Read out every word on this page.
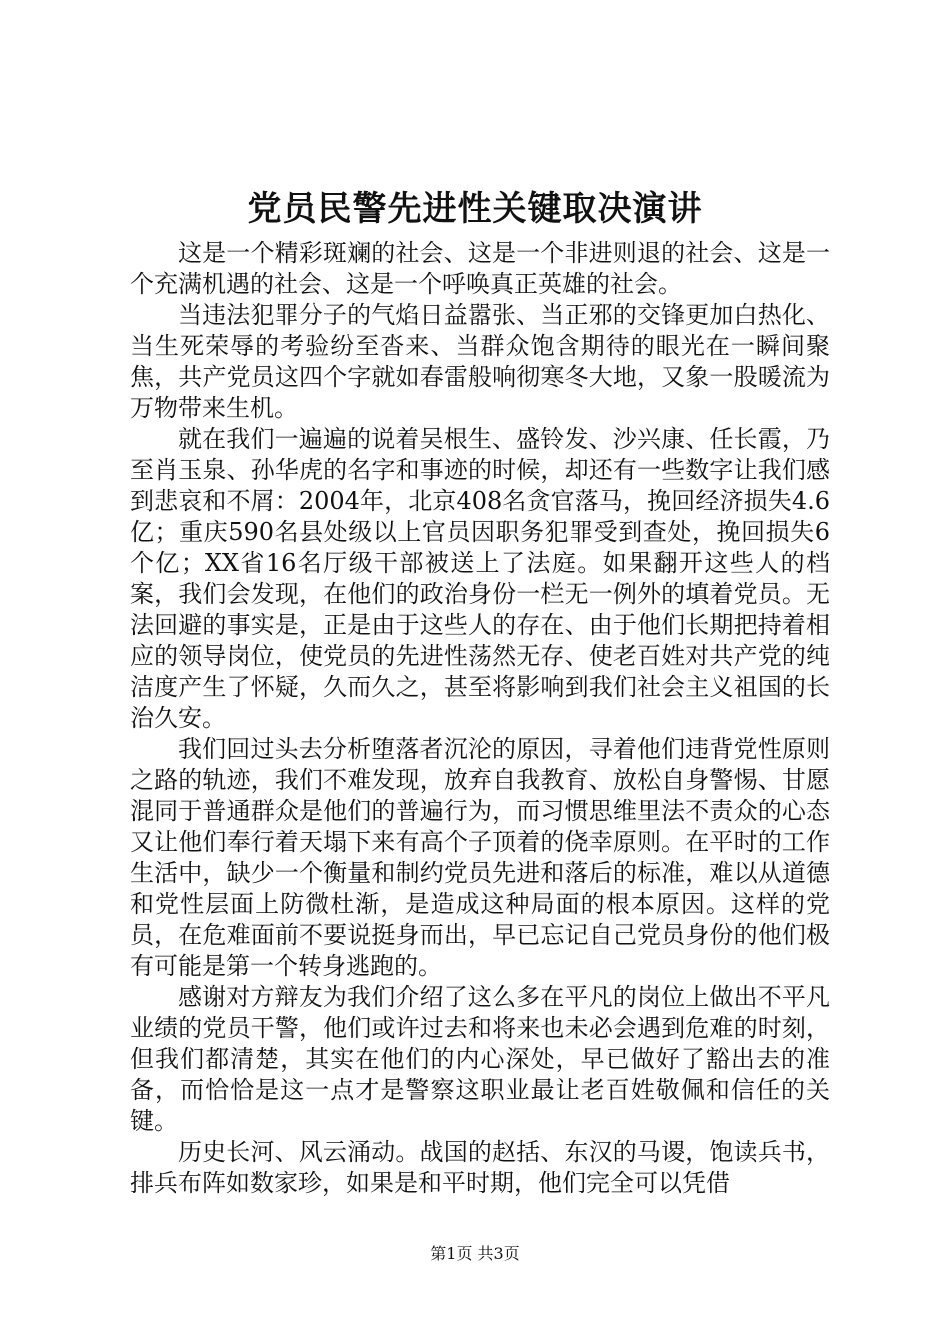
党员民警先进性关键取决演讲

这是一个精彩斑斓的社会、这是一个非进则退的社会、这是一个充满机遇的社会、这是一个呼唤真正英雄的社会。

当违法犯罪分子的气焰日益嚣张、当正邪的交锋更加白热化、当生死荣辱的考验纷至沓来、当群众饱含期待的眼光在一瞬间聚焦，共产党员这四个字就如春雷般响彻寒冬大地，又象一股暖流为万物带来生机。

就在我们一遍遍的说着吴根生、盛铃发、沙兴康、任长霞，乃至肖玉泉、孙华虎的名字和事迹的时候，却还有一些数字让我们感到悲哀和不屑：2004年，北京408名贪官落马，挽回经济损失4.6亿；重庆590名县处级以上官员因职务犯罪受到查处，挽回损失6个亿；XX省16名厅级干部被送上了法庭。如果翻开这些人的档案，我们会发现，在他们的政治身份一栏无一例外的填着党员。无法回避的事实是，正是由于这些人的存在、由于他们长期把持着相应的领导岗位，使党员的先进性荡然无存、使老百姓对共产党的纯洁度产生了怀疑，久而久之，甚至将影响到我们社会主义祖国的长治久安。

我们回过头去分析堕落者沉沦的原因，寻着他们违背党性原则之路的轨迹，我们不难发现，放弃自我教育、放松自身警惕、甘愿混同于普通群众是他们的普遍行为，而习惯思维里法不责众的心态又让他们奉行着天塌下来有高个子顶着的侥幸原则。在平时的工作生活中，缺少一个衡量和制约党员先进和落后的标准，难以从道德和党性层面上防微杜渐，是造成这种局面的根本原因。这样的党员，在危难面前不要说挺身而出，早已忘记自己党员身份的他们极有可能是第一个转身逃跑的。

感谢对方辩友为我们介绍了这么多在平凡的岗位上做出不平凡业绩的党员干警，他们或许过去和将来也未必会遇到危难的时刻，但我们都清楚，其实在他们的内心深处，早已做好了豁出去的准备，而恰恰是这一点才是警察这职业最让老百姓敬佩和信任的关键。

历史长河、风云涌动。战国的赵括、东汉的马谡，饱读兵书，排兵布阵如数家珍，如果是和平时期，他们完全可以凭借

第1页 共3页
